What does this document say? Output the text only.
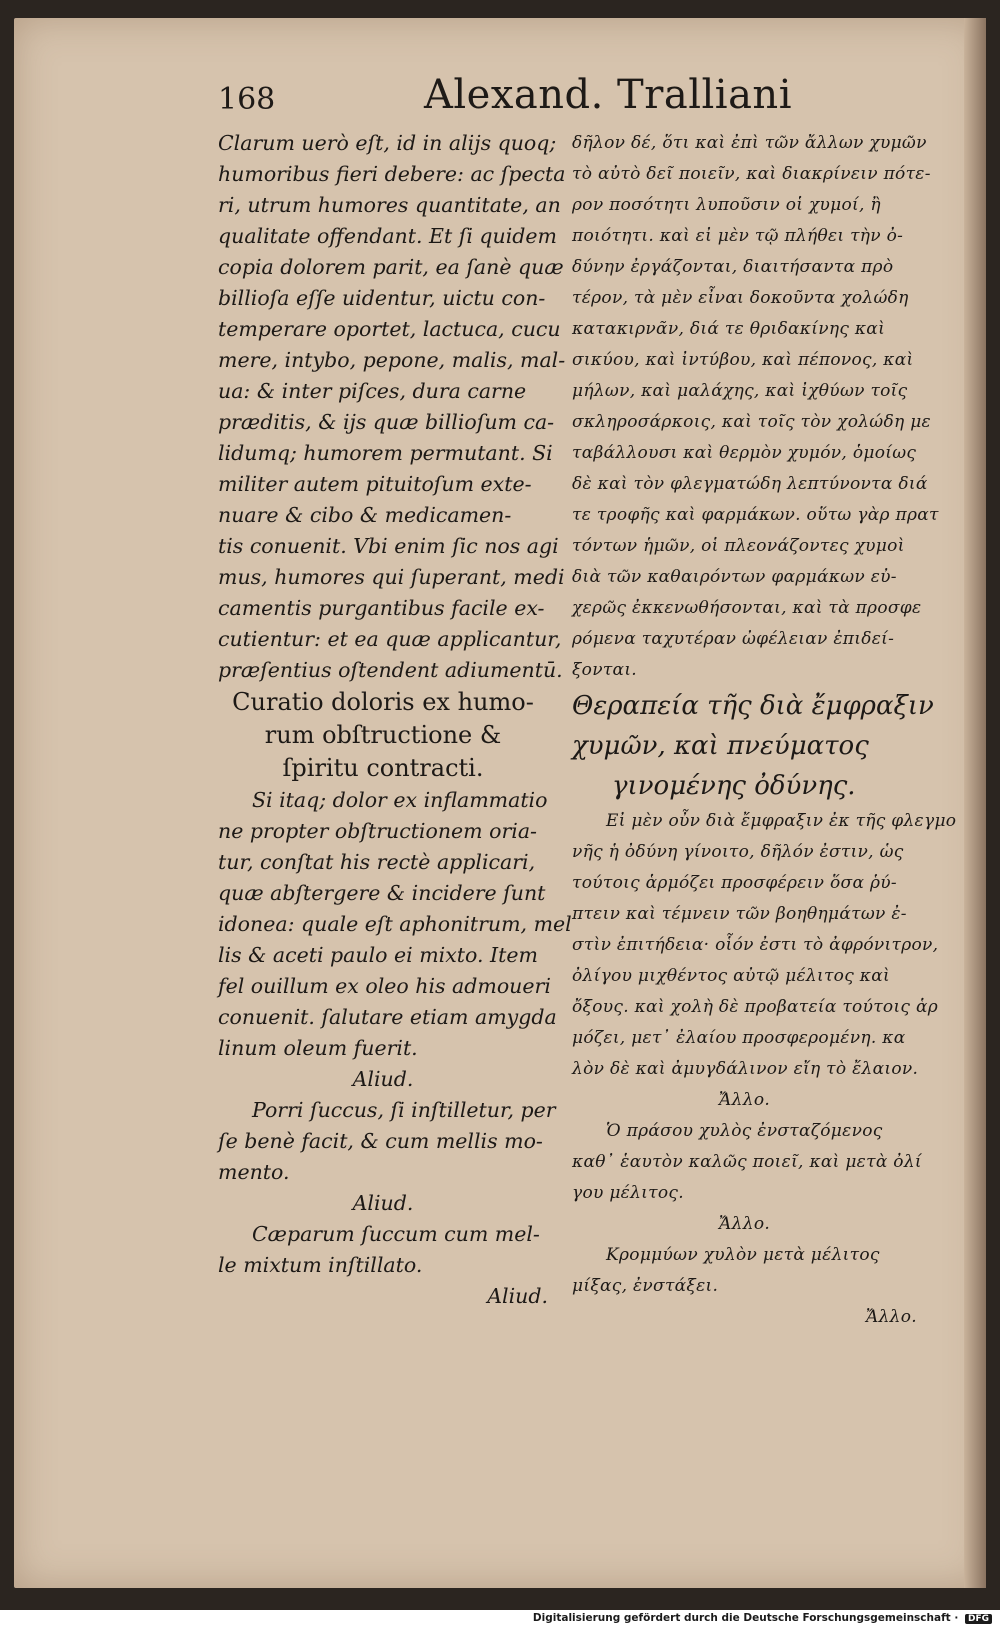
168	Alexand. Tralliani
Clarum uerò eſt, id in alijs quoq;
humoribus fieri debere: ac ſpecta
ri, utrum humores quantitate, an
qualitate offendant. Et ſi quidem
copia dolorem parit, ea ſanè quæ
billioſa eſſe uidentur, uictu con-
temperare oportet, lactuca, cucu
mere, intybo, pepone, malis, mal-
ua: & inter piſces, dura carne
præditis, & ijs quæ billioſum ca-
lidumq; humorem permutant. Si
militer autem pituitoſum exte-
nuare & cibo & medicamen-
tis conuenit. Vbi enim ſic nos agi
mus, humores qui ſuperant, medi
camentis purgantibus facile ex-
cutientur: et ea quæ applicantur,
præſentius oſtendent adiumentū.
Curatio doloris ex humo-
rum obſtructione &
ſpiritu contracti.
Si itaq; dolor ex inflammatio
ne propter obſtructionem oria-
tur, conſtat his rectè applicari,
quæ abſtergere & incidere ſunt
idonea: quale eſt aphonitrum, mel
lis & aceti paulo ei mixto. Item
fel ouillum ex oleo his admoueri
conuenit. ſalutare etiam amygda
linum oleum fuerit.
Aliud.
Porri ſuccus, ſi inſtilletur, per
ſe benè facit, & cum mellis mo-
mento.
Aliud.
Cæparum ſuccum cum mel-
le mixtum inſtillato.
Aliud.
δῆλον δέ, ὅτι καὶ ἐπὶ τῶν ἄλλων χυμῶν
τὸ αὐτὸ δεῖ ποιεῖν, καὶ διακρίνειν πότε-
ρον ποσότητι λυποῦσιν οἱ χυμοί, ἢ
ποιότητι. καὶ εἰ μὲν τῷ πλήθει τὴν ὀ-
δύνην ἐργάζονται, διαιτήσαντα πρὸ
τέρον, τὰ μὲν εἶναι δοκοῦντα χολώδη
κατακιρνᾶν, διά τε θριδακίνης καὶ
σικύου, καὶ ἰντύβου, καὶ πέπονος, καὶ
μήλων, καὶ μαλάχης, καὶ ἰχθύων τοῖς
σκληροσάρκοις, καὶ τοῖς τὸν χολώδη με
ταβάλλουσι καὶ θερμὸν χυμόν, ὁμοίως
δὲ καὶ τὸν φλεγματώδη λεπτύνοντα διά
τε τροφῆς καὶ φαρμάκων. οὕτω γὰρ πρατ
τόντων ἡμῶν, οἱ πλεονάζοντες χυμοὶ
διὰ τῶν καθαιρόντων φαρμάκων εὐ-
χερῶς ἐκκενωθήσονται, καὶ τὰ προσφε
ρόμενα ταχυτέραν ὠφέλειαν ἐπιδεί-
ξονται.
Θεραπεία τῆς διὰ ἔμφραξιν
χυμῶν, καὶ πνεύματος
γινομένης ὀδύνης.
Εἰ μὲν οὖν διὰ ἔμφραξιν ἐκ τῆς φλεγμο
νῆς ἡ ὀδύνη γίνοιτο, δῆλόν ἐστιν, ὡς
τούτοις ἁρμόζει προσφέρειν ὅσα ῥύ-
πτειν καὶ τέμνειν τῶν βοηθημάτων ἐ-
στὶν ἐπιτήδεια· οἷόν ἐστι τὸ ἀφρόνιτρον,
ὀλίγου μιχθέντος αὐτῷ μέλιτος καὶ
ὄξους. καὶ χολὴ δὲ προβατεία τούτοις ἁρ
μόζει, μετ᾽ ἐλαίου προσφερομένη. κα
λὸν δὲ καὶ ἀμυγδάλινον εἴη τὸ ἔλαιον.
Ἄλλο.
Ὁ πράσου χυλὸς ἐνσταζόμενος
καθ᾽ ἑαυτὸν καλῶς ποιεῖ, καὶ μετὰ ὀλί
γου μέλιτος.
Ἄλλο.
Κρομμύων χυλὸν μετὰ μέλιτος
μίξας, ἐνστάξει.
Ἄλλο.
Digitalisierung gefördert durch die Deutsche Forschungsgemeinschaft · DFG
